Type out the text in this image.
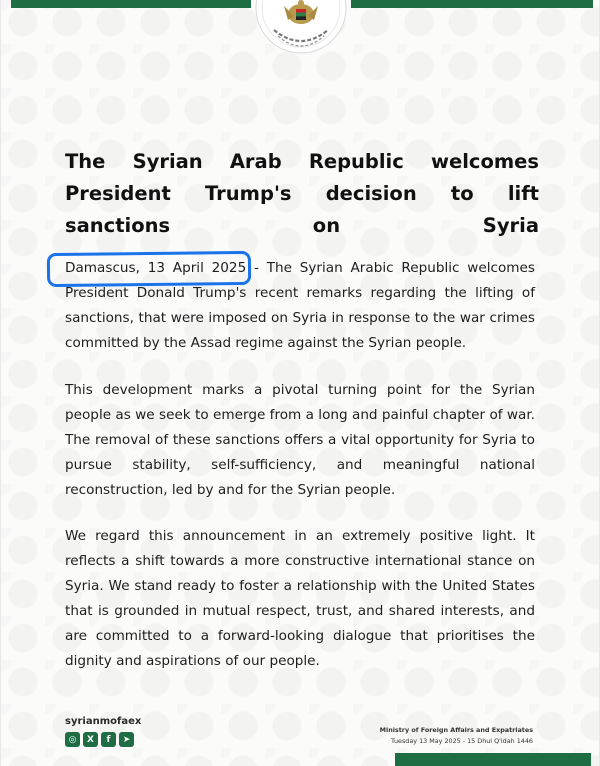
The Syrian Arab Republic welcomes President Trump's decision to lift sanctions on Syria

Damascus, 13 April 2025 - The Syrian Arabic Republic welcomes President Donald Trump's recent remarks regarding the lifting of sanctions, that were imposed on Syria in response to the war crimes committed by the Assad regime against the Syrian people.

This development marks a pivotal turning point for the Syrian people as we seek to emerge from a long and painful chapter of war. The removal of these sanctions offers a vital opportunity for Syria to pursue stability, self-sufficiency, and meaningful national reconstruction, led by and for the Syrian people.

We regard this announcement in an extremely positive light. It reflects a shift towards a more constructive international stance on Syria. We stand ready to foster a relationship with the United States that is grounded in mutual respect, trust, and shared interests, and are committed to a forward-looking dialogue that prioritises the dignity and aspirations of our people.

syrianmofaex
◎	X	f	➤
Ministry of Foreign Affairs and Expatriates
Tuesday 13 May 2025 - 15 Dhul Q'idah 1446
